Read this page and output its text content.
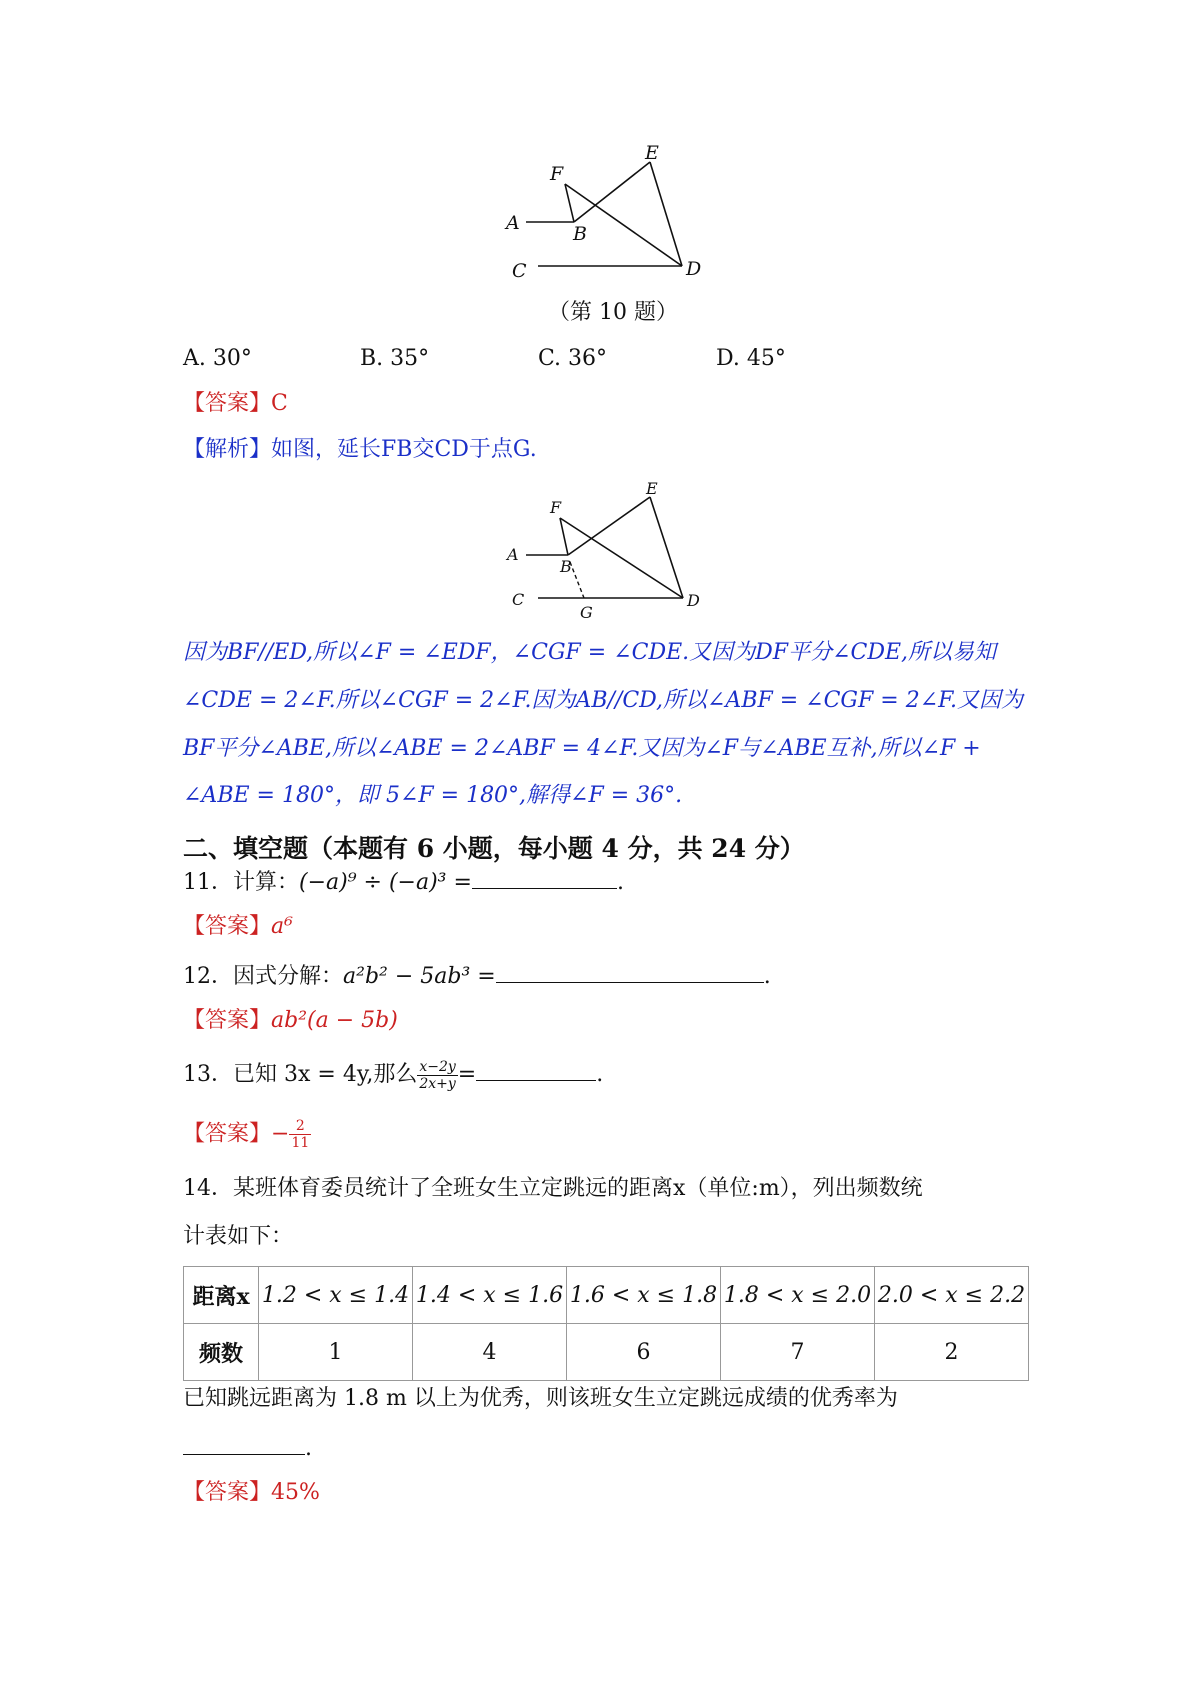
F
E
A	B
C	D
（第 10 题）
A. 30°	B. 35°	C. 36°	D. 45°
【答案】C
【解析】如图，延长FB交CD于点G.
F
E
A
B
C	D
G
因为BF//ED,所以∠F = ∠EDF，∠CGF = ∠CDE.又因为DF平分∠CDE,所以易知
∠CDE = 2∠F.所以∠CGF = 2∠F.因为AB//CD,所以∠ABF = ∠CGF = 2∠F.又因为
BF平分∠ABE,所以∠ABE = 2∠ABF = 4∠F.又因为∠F与∠ABE互补,所以∠F +
∠ABE = 180°，即 5∠F = 180°,解得∠F = 36°.
二、填空题（本题有 6 小题，每小题 4 分，共 24 分）
11．计算：(−a)⁹ ÷ (−a)³ =	.
【答案】a⁶
12．因式分解：a²b² − 5ab³ =	.
【答案】ab²(a − 5b)
13．已知 3x = 4y,那么 $\frac{x-2y}{2x+y}$ =	.
【答案】− $\frac{2}{11}$
14．某班体育委员统计了全班女生立定跳远的距离x（单位:m），列出频数统
计表如下：
距离x	1.2 < x ≤ 1.4	1.4 < x ≤ 1.6	1.6 < x ≤ 1.8	1.8 < x ≤ 2.0	2.0 < x ≤ 2.2
频数	1	4	6	7	2
已知跳远距离为 1.8 m 以上为优秀，则该班女生立定跳远成绩的优秀率为
.
【答案】45%
